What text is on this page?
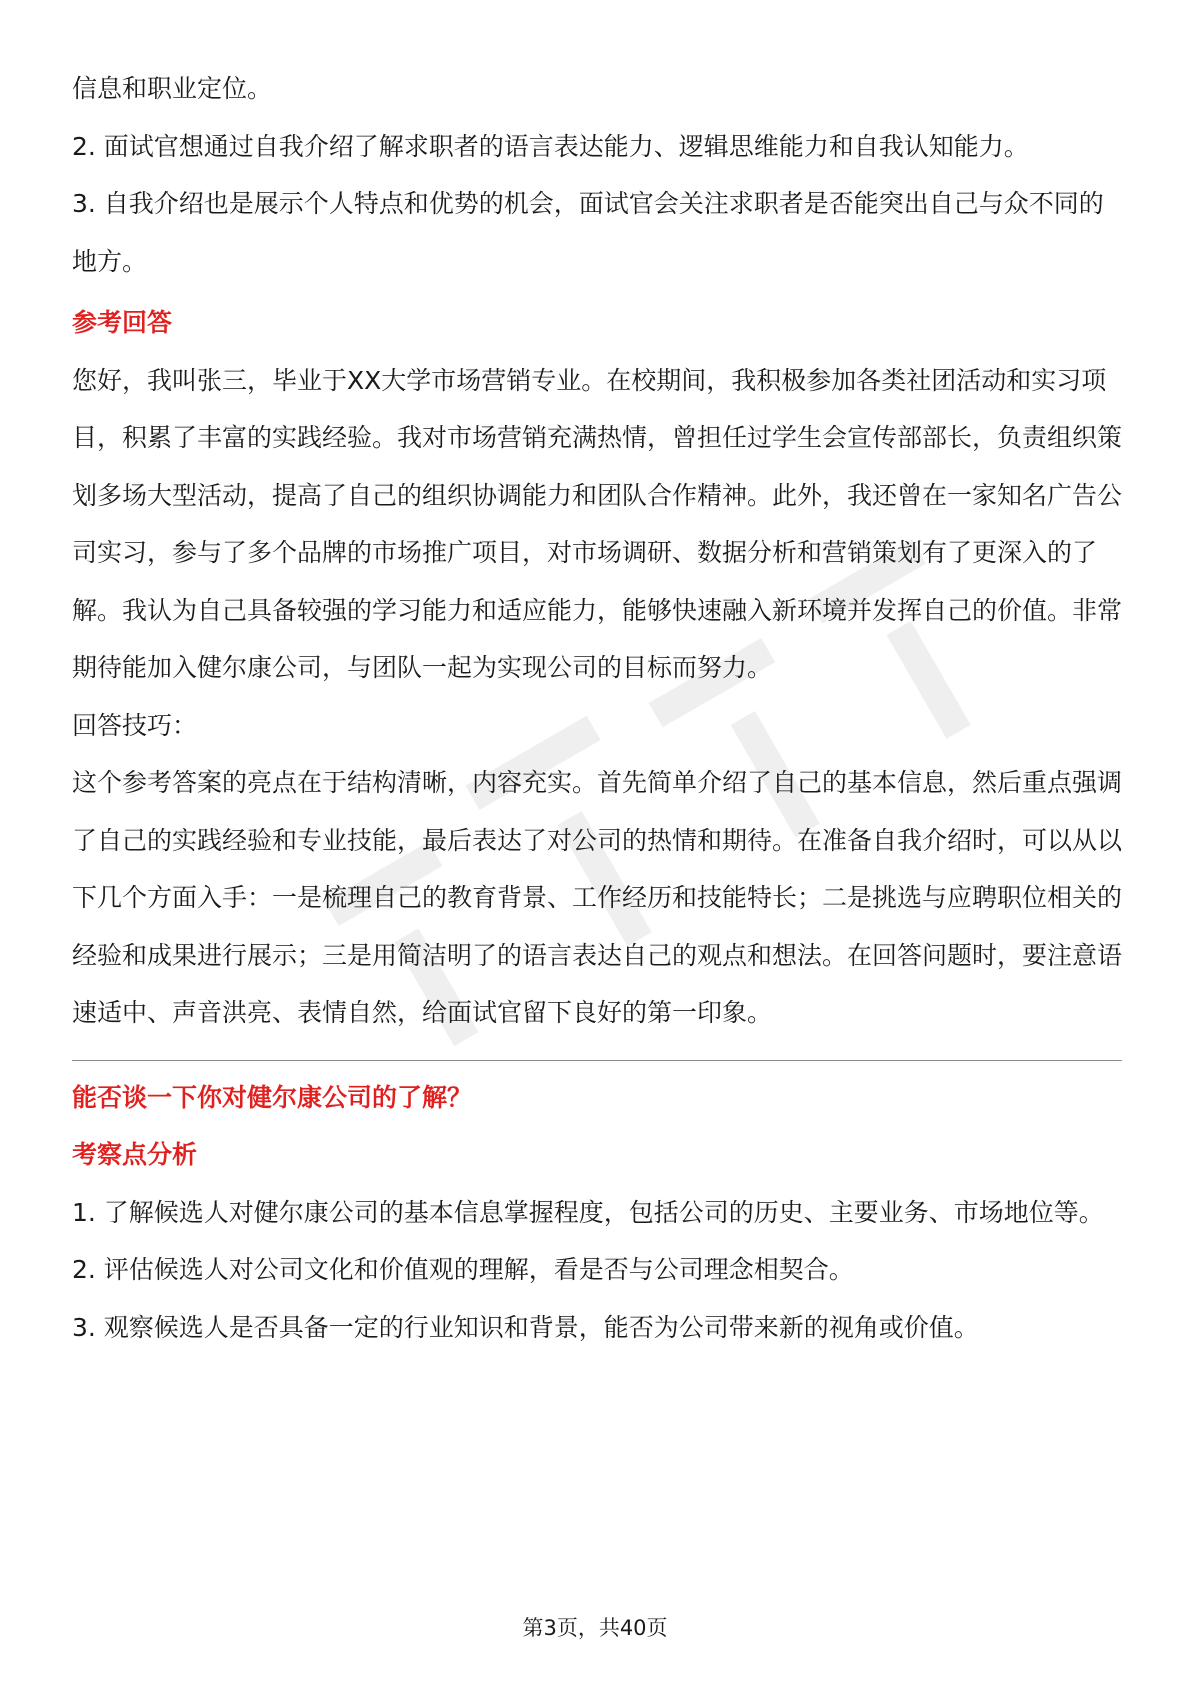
信息和职业定位。

2. 面试官想通过自我介绍了解求职者的语言表达能力、逻辑思维能力和自我认知能力。

3. 自我介绍也是展示个人特点和优势的机会，面试官会关注求职者是否能突出自己与众不同的地方。

参考回答

您好，我叫张三，毕业于XX大学市场营销专业。在校期间，我积极参加各类社团活动和实习项目，积累了丰富的实践经验。我对市场营销充满热情，曾担任过学生会宣传部部长，负责组织策划多场大型活动，提高了自己的组织协调能力和团队合作精神。此外，我还曾在一家知名广告公司实习，参与了多个品牌的市场推广项目，对市场调研、数据分析和营销策划有了更深入的了解。我认为自己具备较强的学习能力和适应能力，能够快速融入新环境并发挥自己的价值。非常期待能加入健尔康公司，与团队一起为实现公司的目标而努力。

回答技巧：

这个参考答案的亮点在于结构清晰，内容充实。首先简单介绍了自己的基本信息，然后重点强调了自己的实践经验和专业技能，最后表达了对公司的热情和期待。在准备自我介绍时，可以从以下几个方面入手：一是梳理自己的教育背景、工作经历和技能特长；二是挑选与应聘职位相关的经验和成果进行展示；三是用简洁明了的语言表达自己的观点和想法。在回答问题时，要注意语速适中、声音洪亮、表情自然，给面试官留下良好的第一印象。

能否谈一下你对健尔康公司的了解？

考察点分析

1. 了解候选人对健尔康公司的基本信息掌握程度，包括公司的历史、主要业务、市场地位等。

2. 评估候选人对公司文化和价值观的理解，看是否与公司理念相契合。

3. 观察候选人是否具备一定的行业知识和背景，能否为公司带来新的视角或价值。

第3页，共40页
